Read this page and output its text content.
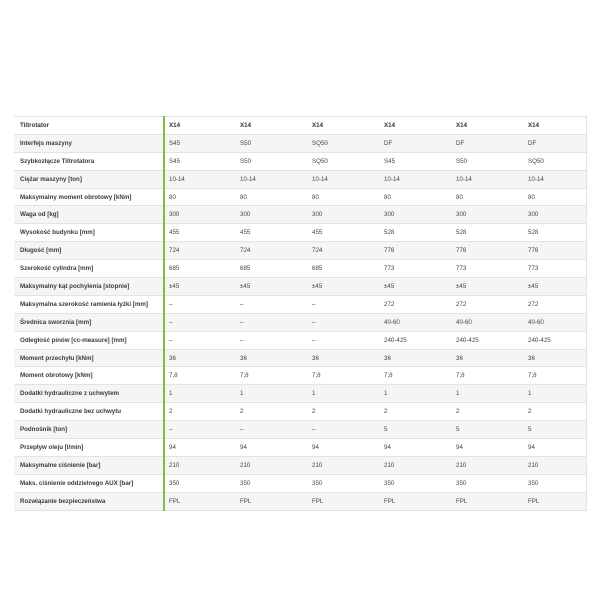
Tiltrotator	X14	X14	X14	X14	X14	X14
Interfejs maszyny	S45	S50	SQ50	DF	DF	DF
Szybkozłącze Tiltrotatora	S45	S50	SQ50	S45	S50	SQ50
Ciężar maszyny [ton]	10-14	10-14	10-14	10-14	10-14	10-14
Maksymalny moment obrotowy [kNm]	80	80	80	80	80	80
Waga od [kg]	300	300	300	300	300	300
Wysokość budynku [mm]	455	455	455	528	528	528
Długość [mm]	724	724	724	776	776	776
Szerokość cylindra [mm]	685	685	685	773	773	773
Maksymalny kąt pochylenia [stopnie]	±45	±45	±45	±45	±45	±45
Maksymalna szerokość ramienia łyżki [mm]	–	–	–	272	272	272
Średnica sworznia [mm]	–	–	–	40-60	40-60	40-60
Odległość pinów [cc-measure] [mm]	–	–	–	240-425	240-425	240-425
Moment przechyłu [kNm]	36	36	36	36	36	36
Moment obrotowy [kNm]	7,8	7,8	7,8	7,8	7,8	7,8
Dodatki hydrauliczne z uchwytem	1	1	1	1	1	1
Dodatki hydrauliczne bez uchwytu	2	2	2	2	2	2
Podnośnik [ton]	–	–	–	5	5	5
Przepływ oleju [l/min]	94	94	94	94	94	94
Maksymalne ciśnienie [bar]	210	210	210	210	210	210
Maks. ciśnienie oddzielnego AUX [bar]	350	350	350	350	350	350
Rozwiązanie bezpieczeństwa	FPL	FPL	FPL	FPL	FPL	FPL
